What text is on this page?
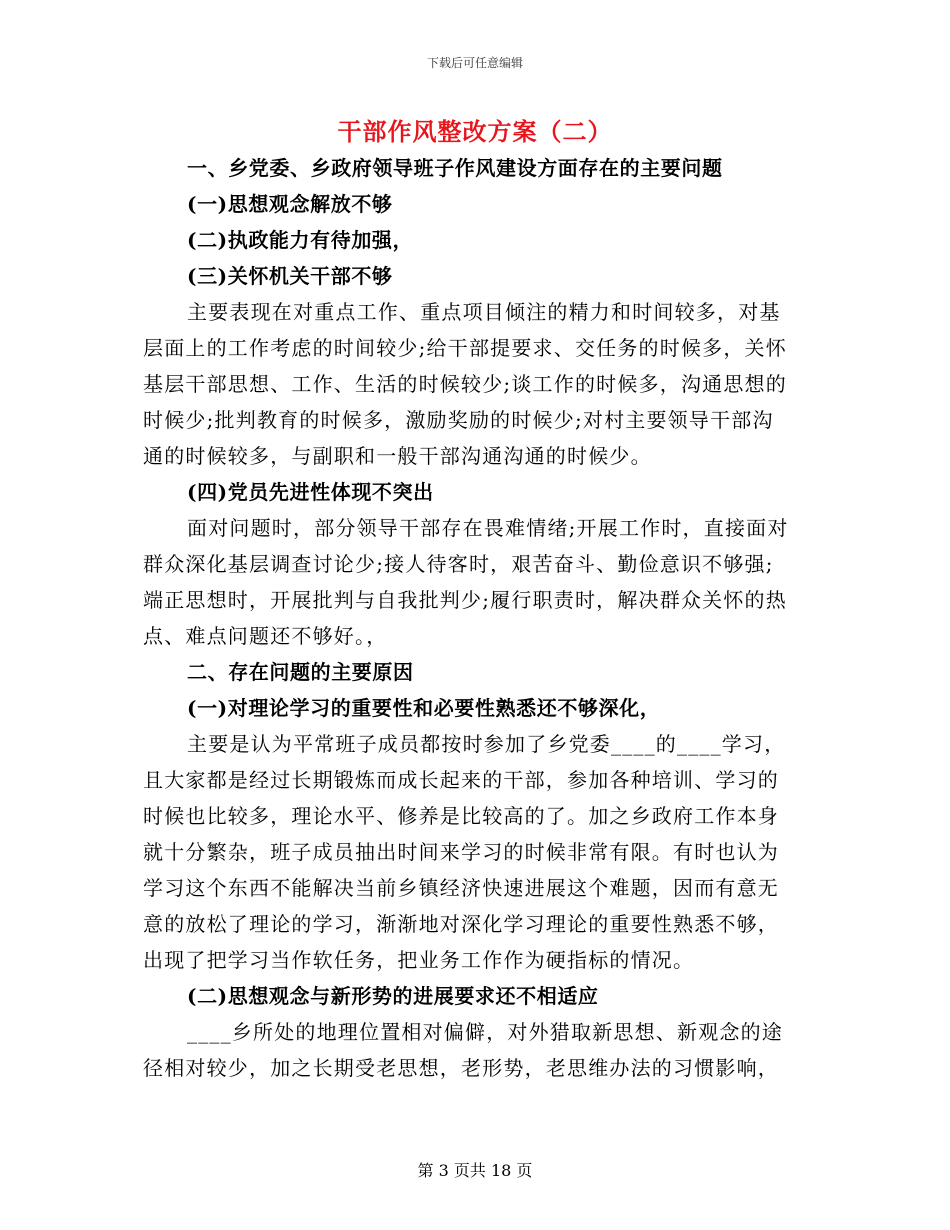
下载后可任意编辑
干部作风整改方案（二）
一、乡党委、乡政府领导班子作风建设方面存在的主要问题
(一)思想观念解放不够
(二)执政能力有待加强，
(三)关怀机关干部不够
主要表现在对重点工作、重点项目倾注的精力和时间较多，对基
层面上的工作考虑的时间较少;给干部提要求、交任务的时候多，关怀
基层干部思想、工作、生活的时候较少;谈工作的时候多，沟通思想的
时候少;批判教育的时候多，激励奖励的时候少;对村主要领导干部沟
通的时候较多，与副职和一般干部沟通沟通的时候少。
(四)党员先进性体现不突出
面对问题时，部分领导干部存在畏难情绪;开展工作时，直接面对
群众深化基层调查讨论少;接人待客时，艰苦奋斗、勤俭意识不够强;
端正思想时，开展批判与自我批判少;履行职责时，解决群众关怀的热
点、难点问题还不够好。，
二、存在问题的主要原因
(一)对理论学习的重要性和必要性熟悉还不够深化，
主要是认为平常班子成员都按时参加了乡党委____的____学习，
且大家都是经过长期锻炼而成长起来的干部，参加各种培训、学习的
时候也比较多，理论水平、修养是比较高的了。加之乡政府工作本身
就十分繁杂，班子成员抽出时间来学习的时候非常有限。有时也认为
学习这个东西不能解决当前乡镇经济快速进展这个难题，因而有意无
意的放松了理论的学习，渐渐地对深化学习理论的重要性熟悉不够，
出现了把学习当作软任务，把业务工作作为硬指标的情况。
(二)思想观念与新形势的进展要求还不相适应
____乡所处的地理位置相对偏僻，对外猎取新思想、新观念的途
径相对较少，加之长期受老思想，老形势，老思维办法的习惯影响，
第 3 页共 18 页
